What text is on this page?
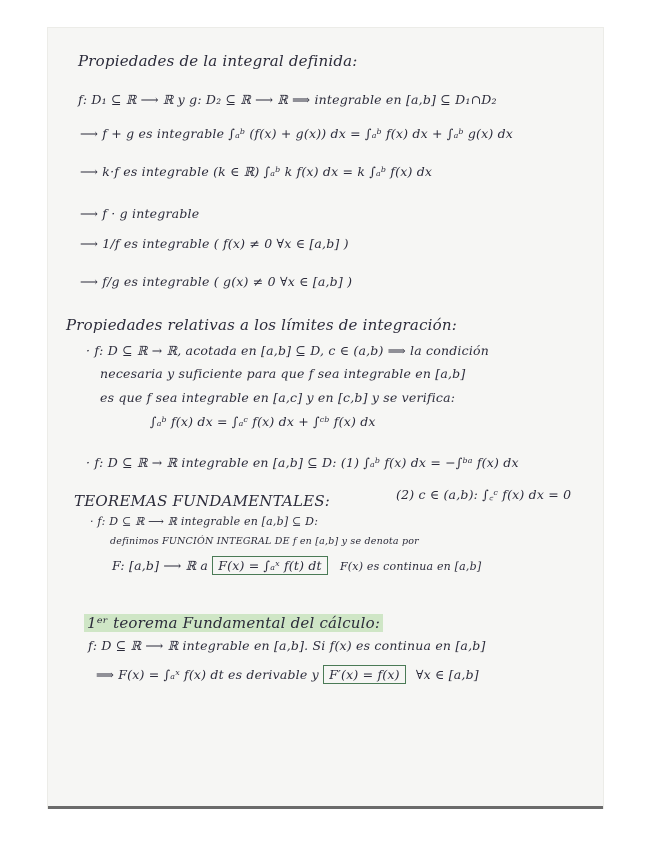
Propiedades de la integral definida:
f: D₁ ⊆ ℝ ⟶ ℝ y g: D₂ ⊆ ℝ ⟶ ℝ ⟹ integrable en [a,b] ⊆ D₁∩D₂
⟶ f + g es integrable ∫ₐᵇ (f(x) + g(x)) dx = ∫ₐᵇ f(x) dx + ∫ₐᵇ g(x) dx
⟶ k·f es integrable (k ∈ ℝ) ∫ₐᵇ k f(x) dx = k ∫ₐᵇ f(x) dx
⟶ f · g integrable
⟶ 1/f es integrable ( f(x) ≠ 0 ∀x ∈ [a,b] )
⟶ f/g es integrable ( g(x) ≠ 0 ∀x ∈ [a,b] )
Propiedades relativas a los límites de integración:
· f: D ⊆ ℝ → ℝ, acotada en [a,b] ⊆ D, c ∈ (a,b) ⟹ la condición
necesaria y suficiente para que f sea integrable en [a,b]
es que f sea integrable en [a,c] y en [c,b] y se verifica:
∫ₐᵇ f(x) dx = ∫ₐᶜ f(x) dx + ∫ᶜᵇ f(x) dx
· f: D ⊆ ℝ → ℝ integrable en [a,b] ⊆ D: (1) ∫ₐᵇ f(x) dx = −∫ᵇᵃ f(x) dx
(2) c ∈ (a,b): ∫꜀ᶜ f(x) dx = 0
TEOREMAS FUNDAMENTALES:
· f: D ⊆ ℝ ⟶ ℝ integrable en [a,b] ⊆ D:
definimos FUNCIÓN INTEGRAL DE f en [a,b] y se denota por
F: [a,b] ⟶ ℝ a F(x) = ∫ₐˣ f(t) dt F(x) es continua en [a,b]
1ᵉʳ teorema Fundamental del cálculo:
f: D ⊆ ℝ ⟶ ℝ integrable en [a,b]. Si f(x) es continua en [a,b]
⟹ F(x) = ∫ₐˣ f(x) dt es derivable y F′(x) = f(x) ∀x ∈ [a,b]
